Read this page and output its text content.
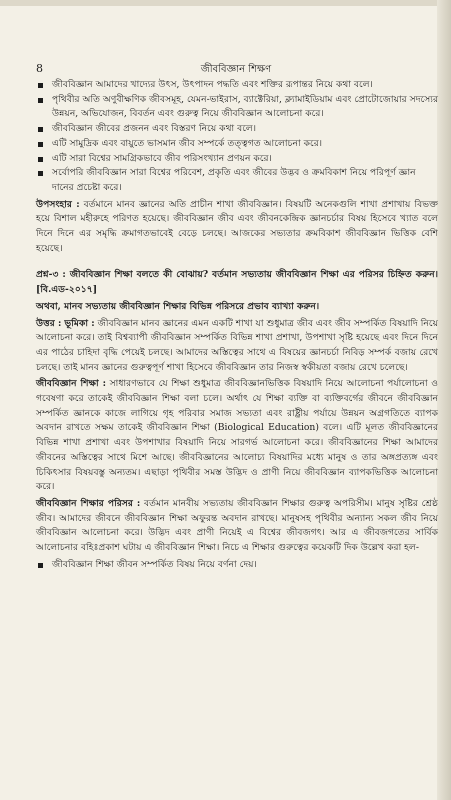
8	জীববিজ্ঞান শিক্ষণ
জীববিজ্ঞান আমাদের খাদ্যের উৎস, উৎপাদন পদ্ধতি এবং শক্তির রূপান্তর নিয়ে কথা বলে।
পৃথিবীর অতি অণুবীক্ষণিক জীবসমূহ, যেমন-ভাইরাস, ব্যাক্টেরিয়া, ক্ল্যামাইডিয়াম এবং প্রোটোজোয়ার সদস্যের উন্নয়ন, অভিযোজন, বিবর্তন এবং গুরুত্ব নিয়ে জীববিজ্ঞান আলোচনা করে।
জীববিজ্ঞান জীবের প্রজনন এবং বিস্তরণ নিয়ে কথা বলে।
এটি সামুদ্রিক এবং বায়ুতে ভাসমান জীব সম্পর্কে তত্ত্বগত আলোচনা করে।
এটি সারা বিশ্বের সামগ্রিকভাবে জীব পরিসংখ্যান প্রণয়ন করে।
সর্বোপরি জীববিজ্ঞান সারা বিশ্বের পরিবেশ, প্রকৃতি এবং জীবের উদ্ভব ও ক্রমবিকাশ নিয়ে পরিপূর্ণ জ্ঞান দানের প্রচেষ্টা করে।

উপসংহার : বর্তমানে মানব জ্ঞানের অতি প্রাচীন শাখা জীববিজ্ঞান। বিষয়টি অনেকগুলি শাখা প্রশাখায় বিভক্ত হয়ে বিশাল মহীরুহে পরিণত হয়েছে। জীববিজ্ঞান জীব এবং জীবনকেন্দ্রিক জ্ঞানচর্চার বিষয় হিসেবে খ্যাত বলে দিনে দিনে এর সমৃদ্ধি ক্রমাগতভাবেই বেড়ে চলছে। আজকের সভ্যতার ক্রমবিকাশ জীববিজ্ঞান ভিত্তিক বেশি হয়েছে।

প্রশ্ন-৩ : জীববিজ্ঞান শিক্ষা বলতে কী বোঝায়? বর্তমান সভ্যতায় জীববিজ্ঞান শিক্ষা এর পরিসর চিহ্নিত করুন। [বি.এড-২০১৭]

অথবা, মানব সভ্যতায় জীববিজ্ঞান শিক্ষার বিভিন্ন পরিসরে প্রভাব ব্যাখ্যা করুন।

উত্তর : ভূমিকা : জীববিজ্ঞান মানব জ্ঞানের এমন একটি শাখা যা শুধুমাত্র জীব এবং জীব সম্পর্কিত বিষয়াদি নিয়ে আলোচনা করে। তাই বিশ্বব্যাপী জীববিজ্ঞান সম্পর্কিত বিভিন্ন শাখা প্রশাখা, উপশাখা সৃষ্টি হয়েছে এবং দিনে দিনে এর পাঠের চাহিদা বৃদ্ধি পেয়েই চলছে। আমাদের অস্তিত্বের সাথে এ বিষয়ের জ্ঞানচর্চা নিবিড় সম্পর্ক বজায় রেখে চলছে। তাই মানব জ্ঞানের গুরুত্বপূর্ণ শাখা হিসেবে জীববিজ্ঞান তার নিজস্ব স্বকীয়তা বজায় রেখে চলেছে।

জীববিজ্ঞান শিক্ষা : সাধারণভাবে যে শিক্ষা শুধুমাত্র জীববিজ্ঞানভিত্তিক বিষয়াদি নিয়ে আলোচনা পর্যালোচনা ও গবেষণা করে তাকেই জীববিজ্ঞান শিক্ষা বলা চলে। অর্থাৎ যে শিক্ষা ব্যক্তি বা ব্যক্তিবর্গের জীবনে জীববিজ্ঞান সম্পর্কিত জ্ঞানকে কাজে লাগিয়ে গৃহ পরিবার সমাজ সভ্যতা এবং রাষ্ট্রীয় পর্যায়ে উন্নয়ন অগ্রগতিতে ব্যাপক অবদান রাখতে সক্ষম তাকেই জীববিজ্ঞান শিক্ষা (Biological Education) বলে। এটি মূলত জীববিজ্ঞানের বিভিন্ন শাখা প্রশাখা এবং উপশাখার বিষয়াদি নিয়ে সারগর্ভ আলোচনা করে। জীববিজ্ঞানের শিক্ষা আমাদের জীবনের অস্তিত্বের সাথে মিশে আছে। জীববিজ্ঞানের আলোচ্য বিষয়াদির মধ্যে মানুষ ও তার অঙ্গপ্রত্যঙ্গ এবং চিকিৎসার বিষয়বস্তু অন্যতম। এছাড়া পৃথিবীর সমস্ত উদ্ভিদ ও প্রাণী নিয়ে জীববিজ্ঞান ব্যাপকভিত্তিক আলোচনা করে।

জীববিজ্ঞান শিক্ষার পরিসর : বর্তমান মানবীয় সভ্যতায় জীববিজ্ঞান শিক্ষার গুরুত্ব অপরিসীম। মানুষ সৃষ্টির শ্রেষ্ঠ জীব। আমাদের জীবনে জীববিজ্ঞান শিক্ষা অফুরন্ত অবদান রাখছে। মানুষসহ পৃথিবীর অন্যান্য সকল জীব নিয়ে জীববিজ্ঞান আলোচনা করে। উদ্ভিদ এবং প্রাণী নিয়েই এ বিশ্বের জীবজগৎ। আর এ জীবজগতের সার্বিক আলোচনার বহিঃপ্রকাশ ঘটায় এ জীববিজ্ঞান শিক্ষা। নিচে এ শিক্ষার গুরুত্বের কয়েকটি দিক উল্লেখ করা হল-

জীববিজ্ঞান শিক্ষা জীবন সম্পর্কিত বিষয় নিয়ে বর্ণনা দেয়।
